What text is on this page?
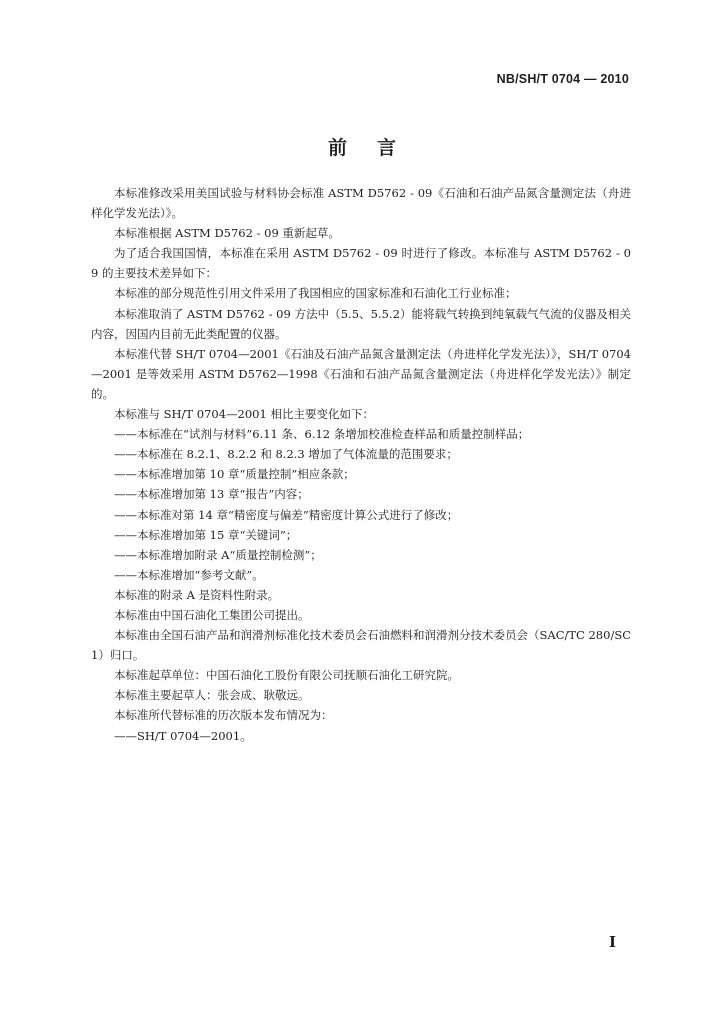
NB/SH/T 0704 — 2010
前言

本标准修改采用美国试验与材料协会标准 ASTM D5762 - 09《石油和石油产品氮含量测定法（舟进样化学发光法）》。

本标准根据 ASTM D5762 - 09 重新起草。

为了适合我国国情，本标准在采用 ASTM D5762 - 09 时进行了修改。本标准与 ASTM D5762 - 09 的主要技术差异如下：

本标准的部分规范性引用文件采用了我国相应的国家标准和石油化工行业标准；

本标准取消了 ASTM D5762 - 09 方法中（5.5、5.5.2）能将载气转换到纯氧载气气流的仪器及相关内容，因国内目前无此类配置的仪器。

本标准代替 SH/T 0704—2001《石油及石油产品氮含量测定法（舟进样化学发光法）》，SH/T 0704—2001 是等效采用 ASTM D5762—1998《石油和石油产品氮含量测定法（舟进样化学发光法）》制定的。

本标准与 SH/T 0704—2001 相比主要变化如下：

——本标准在“试剂与材料”6.11 条、6.12 条增加校准检查样品和质量控制样品；

——本标准在 8.2.1、8.2.2 和 8.2.3 增加了气体流量的范围要求；

——本标准增加第 10 章“质量控制”相应条款；

——本标准增加第 13 章“报告”内容；

——本标准对第 14 章“精密度与偏差”精密度计算公式进行了修改；

——本标准增加第 15 章“关键词”；

——本标准增加附录 A“质量控制检测”；

——本标准增加“参考文献”。

本标准的附录 A 是资料性附录。

本标准由中国石油化工集团公司提出。

本标准由全国石油产品和润滑剂标准化技术委员会石油燃料和润滑剂分技术委员会（SAC/TC 280/SC 1）归口。

本标准起草单位：中国石油化工股份有限公司抚顺石油化工研究院。

本标准主要起草人：张会成、耿敬远。

本标准所代替标准的历次版本发布情况为：

——SH/T 0704—2001。

I
